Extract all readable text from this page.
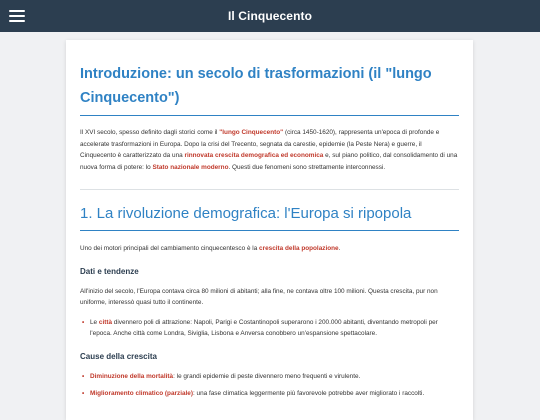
Il Cinquecento
Introduzione: un secolo di trasformazioni (il "lungo Cinquecento")

Il XVI secolo, spesso definito dagli storici come il "lungo Cinquecento" (circa 1450-1620), rappresenta un'epoca di profonde e accelerate trasformazioni in Europa. Dopo la crisi del Trecento, segnata da carestie, epidemie (la Peste Nera) e guerre, il Cinquecento è caratterizzato da una rinnovata crescita demografica ed economica e, sul piano politico, dal consolidamento di una nuova forma di potere: lo Stato nazionale moderno. Questi due fenomeni sono strettamente interconnessi.

1. La rivoluzione demografica: l'Europa si ripopola

Uno dei motori principali del cambiamento cinquecentesco è la crescita della popolazione.

Dati e tendenze

All'inizio del secolo, l'Europa contava circa 80 milioni di abitanti; alla fine, ne contava oltre 100 milioni. Questa crescita, pur non uniforme, interessò quasi tutto il continente.

• Le città divennero poli di attrazione: Napoli, Parigi e Costantinopoli superarono i 200.000 abitanti, diventando metropoli per l'epoca. Anche città come Londra, Siviglia, Lisbona e Anversa conobbero un'espansione spettacolare.
Cause della crescita
• Diminuzione della mortalità: le grandi epidemie di peste divennero meno frequenti e virulente.
• Miglioramento climatico (parziale): una fase climatica leggermente più favorevole potrebbe aver migliorato i raccolti.
